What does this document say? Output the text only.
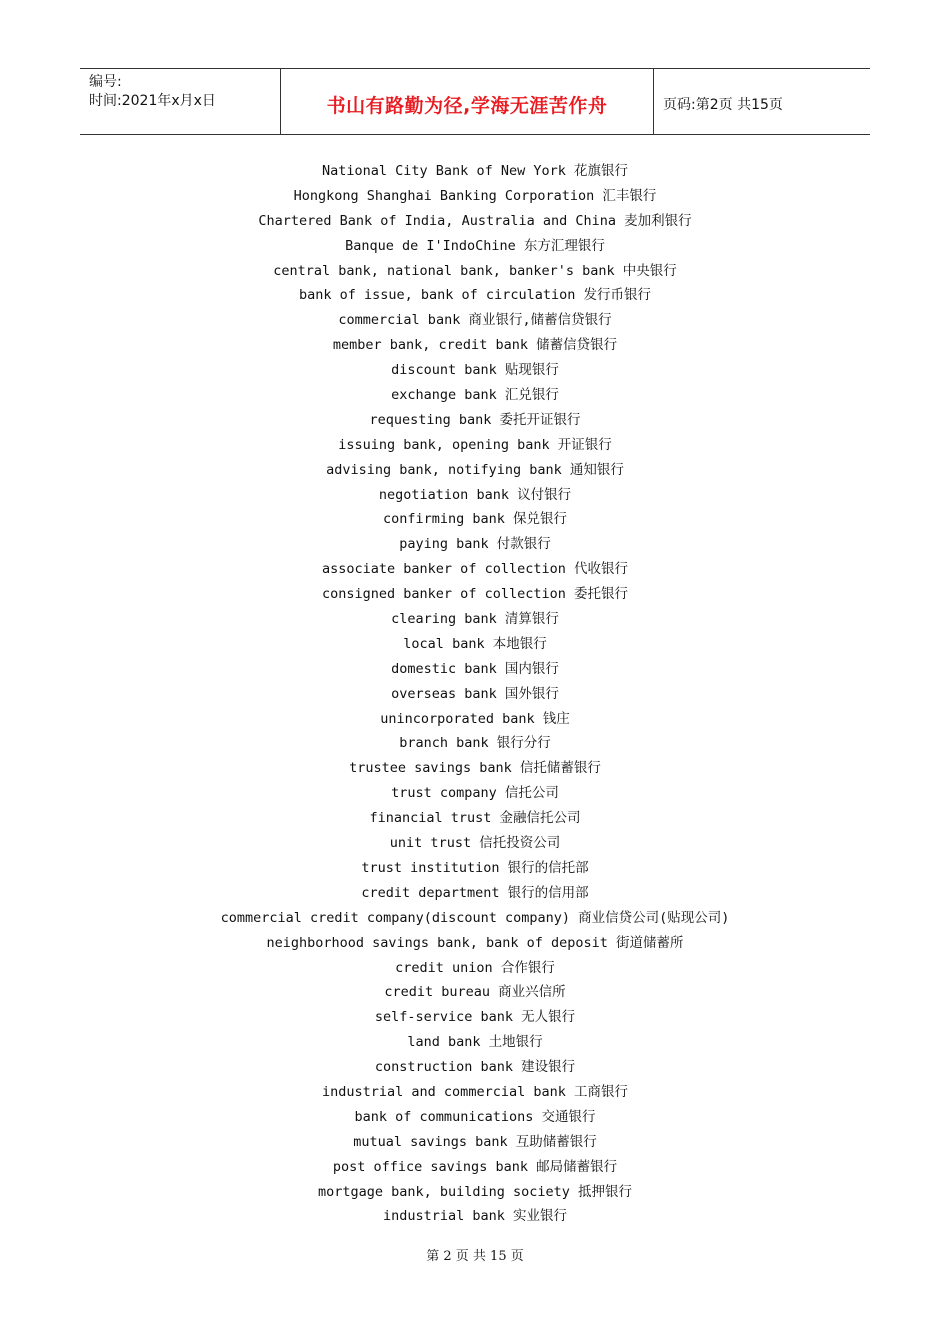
编号:
时间:2021年x月x日	书山有路勤为径,学海无涯苦作舟	页码:第2页 共15页
National City Bank of New York 花旗银行
Hongkong Shanghai Banking Corporation 汇丰银行
Chartered Bank of India, Australia and China 麦加利银行
Banque de I'IndoChine 东方汇理银行
central bank, national bank, banker's bank 中央银行
bank of issue, bank of circulation 发行币银行
commercial bank 商业银行,储蓄信贷银行
member bank, credit bank 储蓄信贷银行
discount bank 贴现银行
exchange bank 汇兑银行
requesting bank 委托开证银行
issuing bank, opening bank 开证银行
advising bank, notifying bank 通知银行
negotiation bank 议付银行
confirming bank 保兑银行
paying bank 付款银行
associate banker of collection 代收银行
consigned banker of collection 委托银行
clearing bank 清算银行
local bank 本地银行
domestic bank 国内银行
overseas bank 国外银行
unincorporated bank 钱庄
branch bank 银行分行
trustee savings bank 信托储蓄银行
trust company 信托公司
financial trust 金融信托公司
unit trust 信托投资公司
trust institution 银行的信托部
credit department 银行的信用部
commercial credit company(discount company) 商业信贷公司(贴现公司)
neighborhood savings bank, bank of deposit 街道储蓄所
credit union 合作银行
credit bureau 商业兴信所
self-service bank 无人银行
land bank 土地银行
construction bank 建设银行
industrial and commercial bank 工商银行
bank of communications 交通银行
mutual savings bank 互助储蓄银行
post office savings bank 邮局储蓄银行
mortgage bank, building society 抵押银行
industrial bank 实业银行
第 2 页 共 15 页
